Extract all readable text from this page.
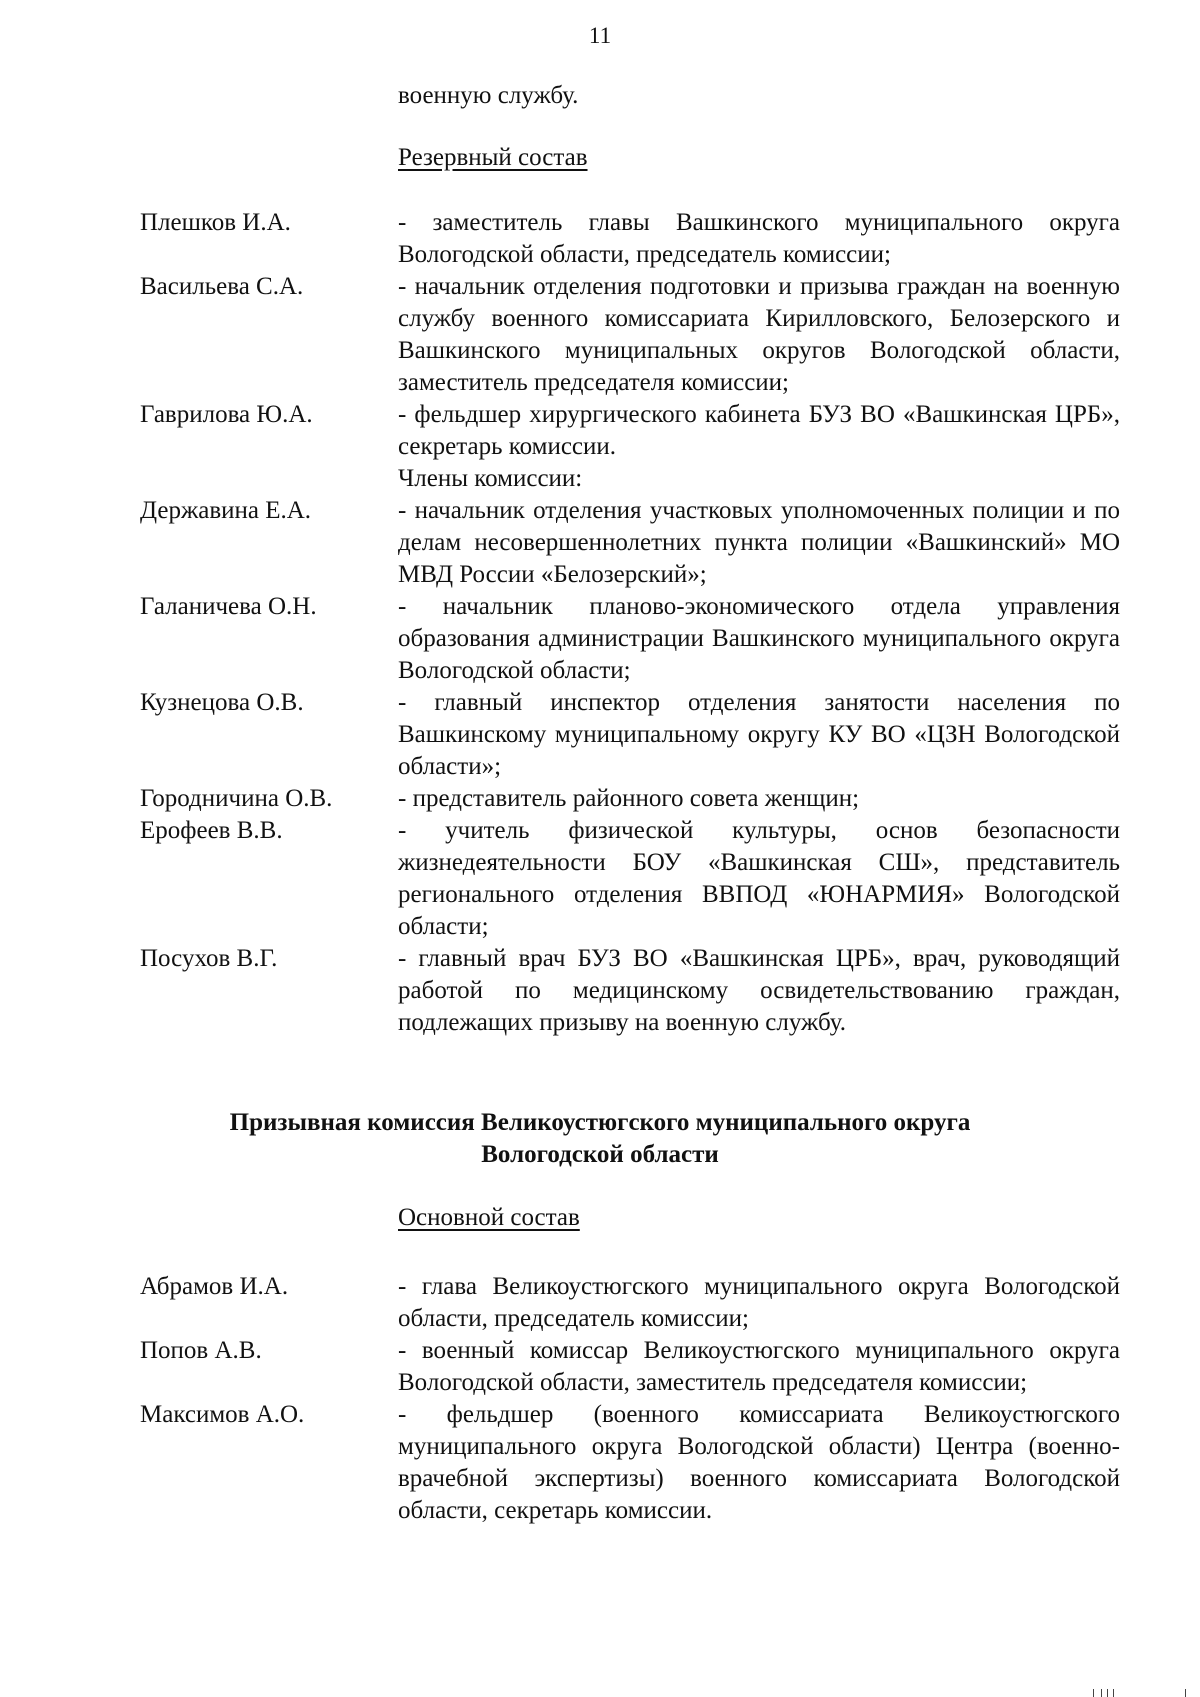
11
военную службу.
Резервный состав
Плешков И.А.	- заместитель главы Вашкинского муниципального округа Вологодской области, председатель комиссии;
Васильева С.А.	- начальник отделения подготовки и призыва граждан на военную службу военного комиссариата Кирилловского, Белозерского и Вашкинского муниципальных округов Вологодской области, заместитель председателя комиссии;
Гаврилова Ю.А.	- фельдшер хирургического кабинета БУЗ ВО «Вашкинская ЦРБ», секретарь комиссии.
Члены комиссии:
Державина Е.А.	- начальник отделения участковых уполномоченных полиции и по делам несовершеннолетних пункта полиции «Вашкинский» МО МВД России «Белозерский»;
Галаничева О.Н.	- начальник планово-экономического отдела управления образования администрации Вашкинского муниципального округа Вологодской области;
Кузнецова О.В.	- главный инспектор отделения занятости населения по Вашкинскому муниципальному округу КУ ВО «ЦЗН Вологодской области»;
Городничина О.В.	- представитель районного совета женщин;
Ерофеев В.В.	- учитель физической культуры, основ безопасности жизнедеятельности БОУ «Вашкинская СШ», представитель регионального отделения ВВПОД «ЮНАРМИЯ» Вологодской области;
Посухов В.Г.	- главный врач БУЗ ВО «Вашкинская ЦРБ», врач, руководящий работой по медицинскому освидетельствованию граждан, подлежащих призыву на военную службу.
Призывная комиссия Великоустюгского муниципального округа
Вологодской области
Основной состав
Абрамов И.А.	- глава Великоустюгского муниципального округа Вологодской области, председатель комиссии;
Попов А.В.	- военный комиссар Великоустюгского муниципального округа Вологодской области, заместитель председателя комиссии;
Максимов А.О.	- фельдшер (военного комиссариата Великоустюгского муниципального округа Вологодской области) Центра (военно-врачебной экспертизы) военного комиссариата Вологодской области, секретарь комиссии.
